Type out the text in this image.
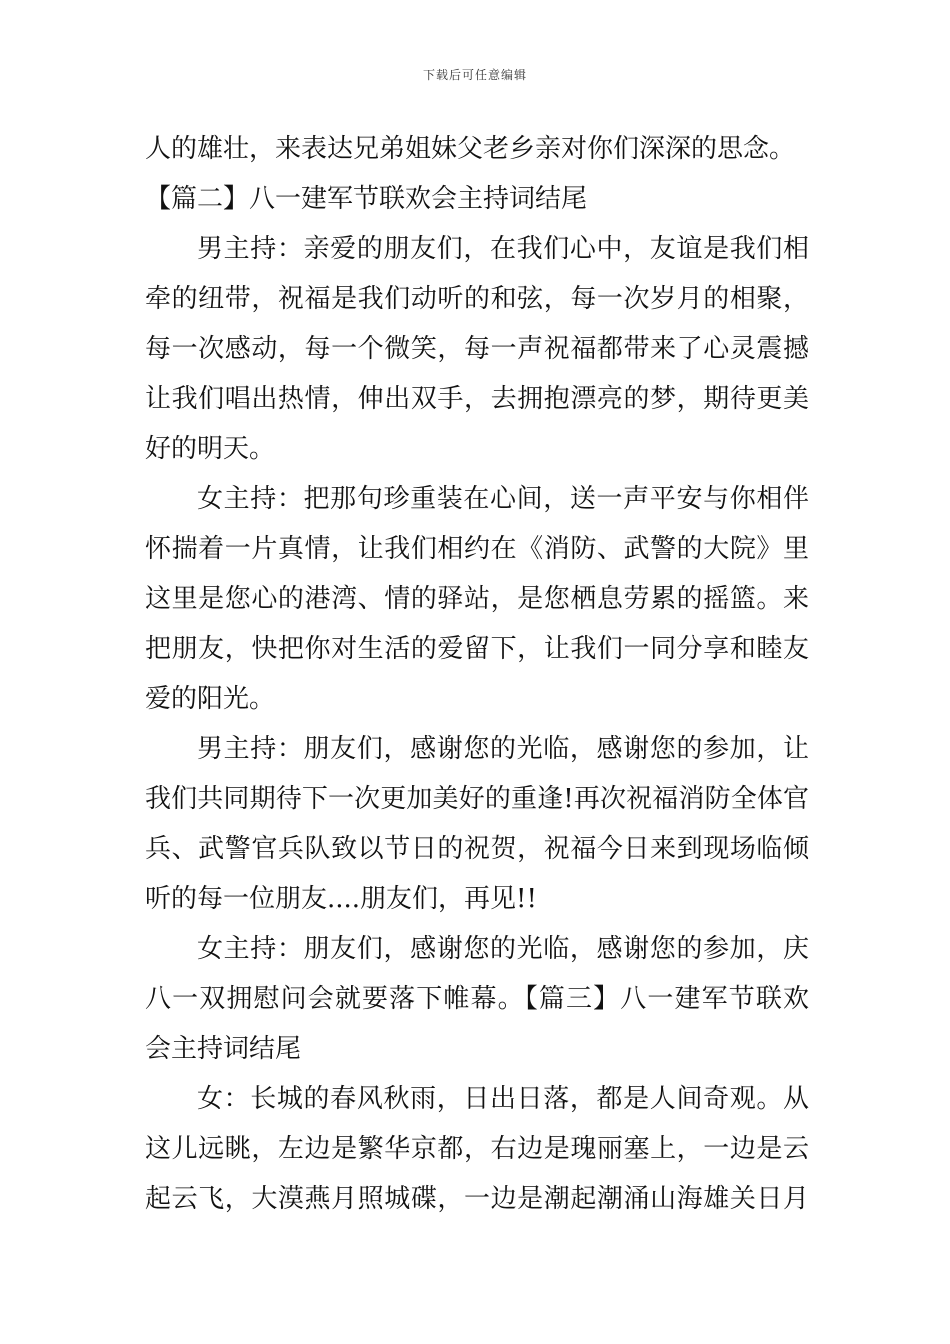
下载后可任意编辑
人的雄壮，来表达兄弟姐妹父老乡亲对你们深深的思念。
【篇二】八一建军节联欢会主持词结尾
男主持：亲爱的朋友们，在我们心中，友谊是我们相
牵的纽带，祝福是我们动听的和弦，每一次岁月的相聚，
每一次感动，每一个微笑，每一声祝福都带来了心灵震撼
让我们唱出热情，伸出双手，去拥抱漂亮的梦，期待更美
好的明天。
女主持：把那句珍重装在心间，送一声平安与你相伴
怀揣着一片真情，让我们相约在《消防、武警的大院》里
这里是您心的港湾、情的驿站，是您栖息劳累的摇篮。来
把朋友，快把你对生活的爱留下，让我们一同分享和睦友
爱的阳光。
男主持：朋友们，感谢您的光临，感谢您的参加，让
我们共同期待下一次更加美好的重逢!再次祝福消防全体官
兵、武警官兵队致以节日的祝贺，祝福今日来到现场临倾
听的每一位朋友....朋友们，再见!!
女主持：朋友们，感谢您的光临，感谢您的参加，庆
八一双拥慰问会就要落下帷幕。【篇三】八一建军节联欢
会主持词结尾
女：长城的春风秋雨，日出日落，都是人间奇观。从
这儿远眺，左边是繁华京都，右边是瑰丽塞上，一边是云
起云飞，大漠燕月照城碟，一边是潮起潮涌山海雄关日月
